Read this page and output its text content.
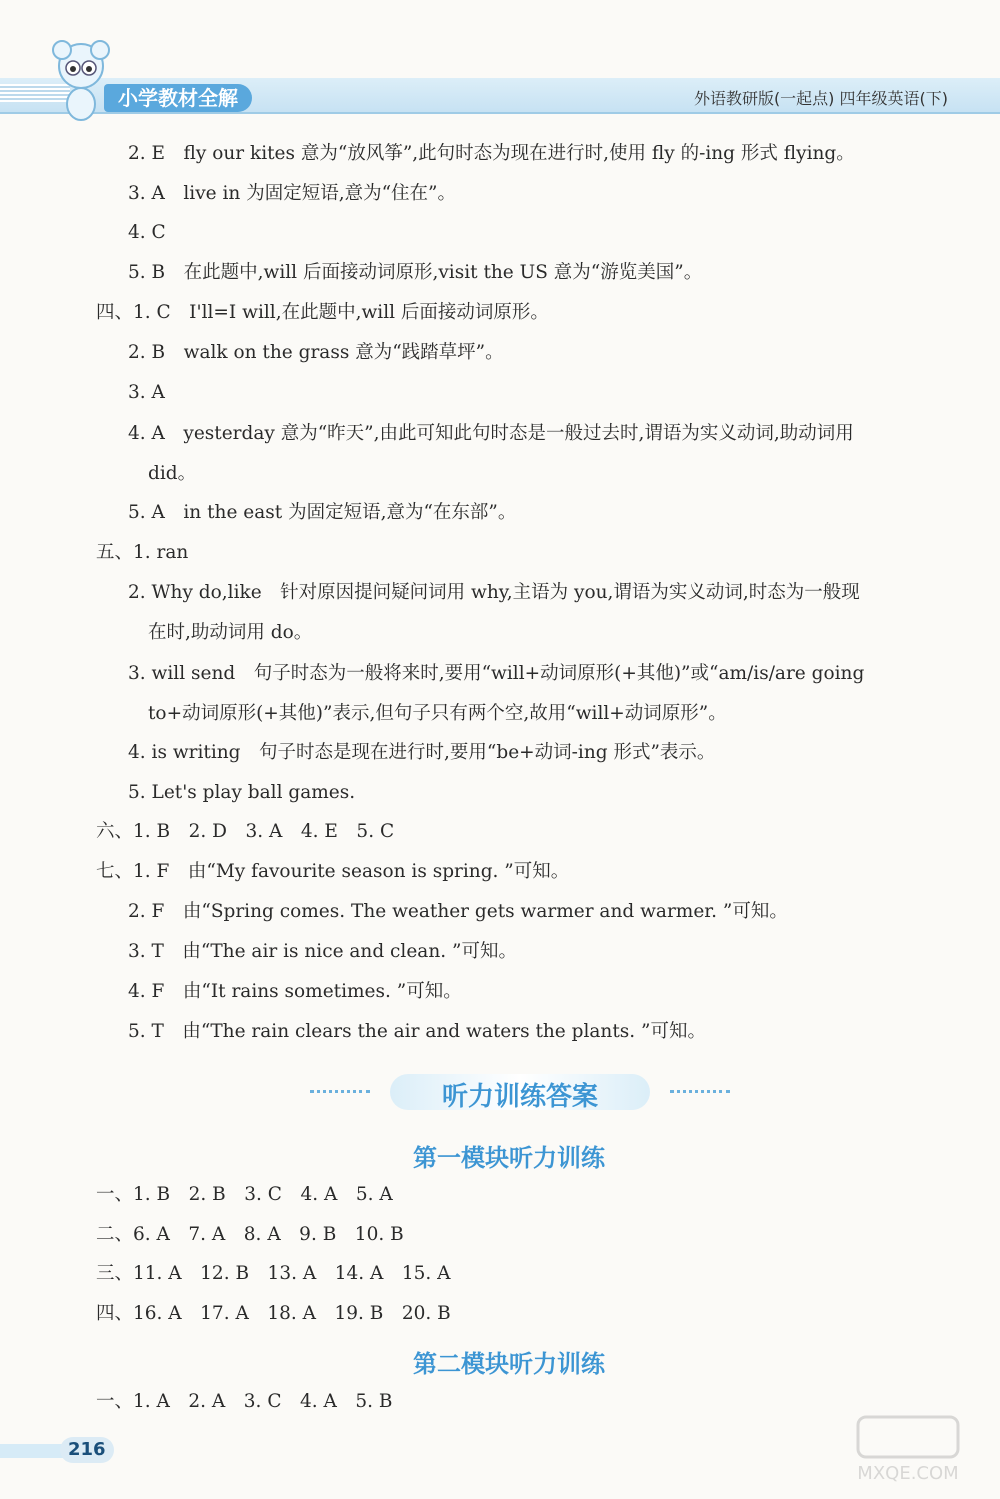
小学教材全解	外语教研版(一起点) 四年级英语(下)
2. E　fly our kites 意为“放风筝”,此句时态为现在进行时,使用 fly 的-ing 形式 flying。
3. A　live in 为固定短语,意为“住在”。
4. C
5. B　在此题中,will 后面接动词原形,visit the US 意为“游览美国”。
四、1. C　I'll=I will,在此题中,will 后面接动词原形。
2. B　walk on the grass 意为“践踏草坪”。
3. A
4. A　yesterday 意为“昨天”,由此可知此句时态是一般过去时,谓语为实义动词,助动词用
did。
5. A　in the east 为固定短语,意为“在东部”。
五、1. ran
2. Why do,like　针对原因提问疑问词用 why,主语为 you,谓语为实义动词,时态为一般现
在时,助动词用 do。
3. will send　句子时态为一般将来时,要用“will+动词原形(+其他)”或“am/is/are going
to+动词原形(+其他)”表示,但句子只有两个空,故用“will+动词原形”。
4. is writing　句子时态是现在进行时,要用“be+动词-ing 形式”表示。
5. Let's play ball games.
六、1. B　2. D　3. A　4. E　5. C
七、1. F　由“My favourite season is spring. ”可知。
2. F　由“Spring comes. The weather gets warmer and warmer. ”可知。
3. T　由“The air is nice and clean. ”可知。
4. F　由“It rains sometimes. ”可知。
5. T　由“The rain clears the air and waters the plants. ”可知。
听力训练答案
第一模块听力训练
一、1. B　2. B　3. C　4. A　5. A
二、6. A　7. A　8. A　9. B　10. B
三、11. A　12. B　13. A　14. A　15. A
四、16. A　17. A　18. A　19. B　20. B
第二模块听力训练
一、1. A　2. A　3. C　4. A　5. B
216
MXQE.COM
